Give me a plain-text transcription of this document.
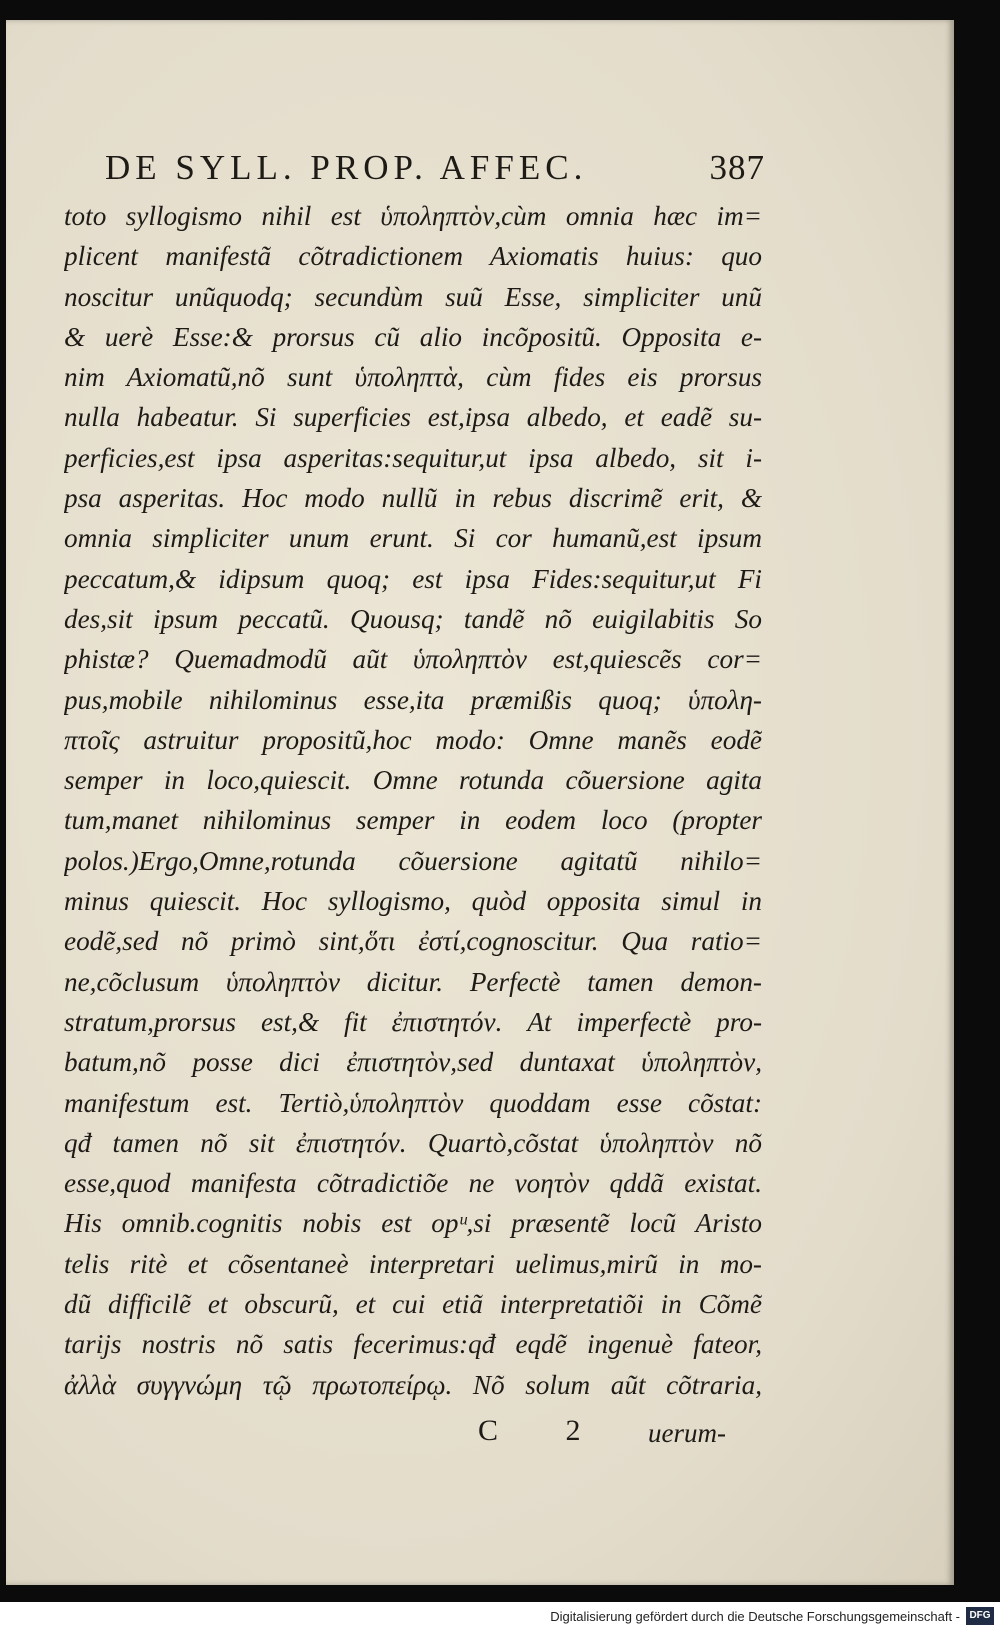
DE SYLL. PROP. AFFEC.	387
toto syllogismo nihil est ὑποληπτὸν,cùm omnia hæc im=
plicent manifestã cõtradictionem Axiomatis huius: quo
noscitur unũquodq; secundùm suũ Esse, simpliciter unũ
& uerè Esse:& prorsus cũ alio incõpositũ. Opposita e-
nim Axiomatũ,nõ sunt ὑποληπτὰ, cùm fides eis prorsus
nulla habeatur. Si superficies est,ipsa albedo, et eadẽ su-
perficies,est ipsa asperitas:sequitur,ut ipsa albedo, sit i-
psa asperitas. Hoc modo nullũ in rebus discrimẽ erit, &
omnia simpliciter unum erunt. Si cor humanũ,est ipsum
peccatum,& idipsum quoq; est ipsa Fides:sequitur,ut Fi
des,sit ipsum peccatũ. Quousq; tandẽ nõ euigilabitis So
phistæ? Quemadmodũ aũt ὑποληπτὸν est,quiescẽs cor=
pus,mobile nihilominus esse,ita præmißis quoq; ὑπολη-
πτοῖς astruitur propositũ,hoc modo: Omne manẽs eodẽ
semper in loco,quiescit. Omne rotunda cõuersione agita
tum,manet nihilominus semper in eodem loco (propter
polos.)Ergo,Omne,rotunda cõuersione agitatũ nihilo=
minus quiescit. Hoc syllogismo, quòd opposita simul in
eodẽ,sed nõ primò sint,ὅτι ἐστί,cognoscitur. Qua ratio=
ne,cõclusum ὑποληπτὸν dicitur. Perfectè tamen demon-
stratum,prorsus est,& fit ἐπιστητόν. At imperfectè pro-
batum,nõ posse dici ἐπιστητὸν,sed duntaxat ὑποληπτὸν,
manifestum est. Tertiò,ὑποληπτὸν quoddam esse cõstat:
qđ tamen nõ sit ἐπιστητόν. Quartò,cõstat ὑποληπτὸν nõ
esse,quod manifesta cõtradictiõe ne νοητὸν qddã existat.
His omnib.cognitis nobis est opᵘ,si præsentẽ locũ Aristo
telis ritè et cõsentaneè interpretari uelimus,mirũ in mo-
dũ difficilẽ et obscurũ, et cui etiã interpretatiõi in Cõmẽ
tarijs nostris nõ satis fecerimus:qđ eqdẽ ingenuè fateor,
ἀλλὰ συγγνώμη τῷ πρωτοπείρῳ. Nõ solum aũt cõtraria,
C 2 uerum-
Digitalisierung gefördert durch die Deutsche Forschungsgemeinschaft - DFG
